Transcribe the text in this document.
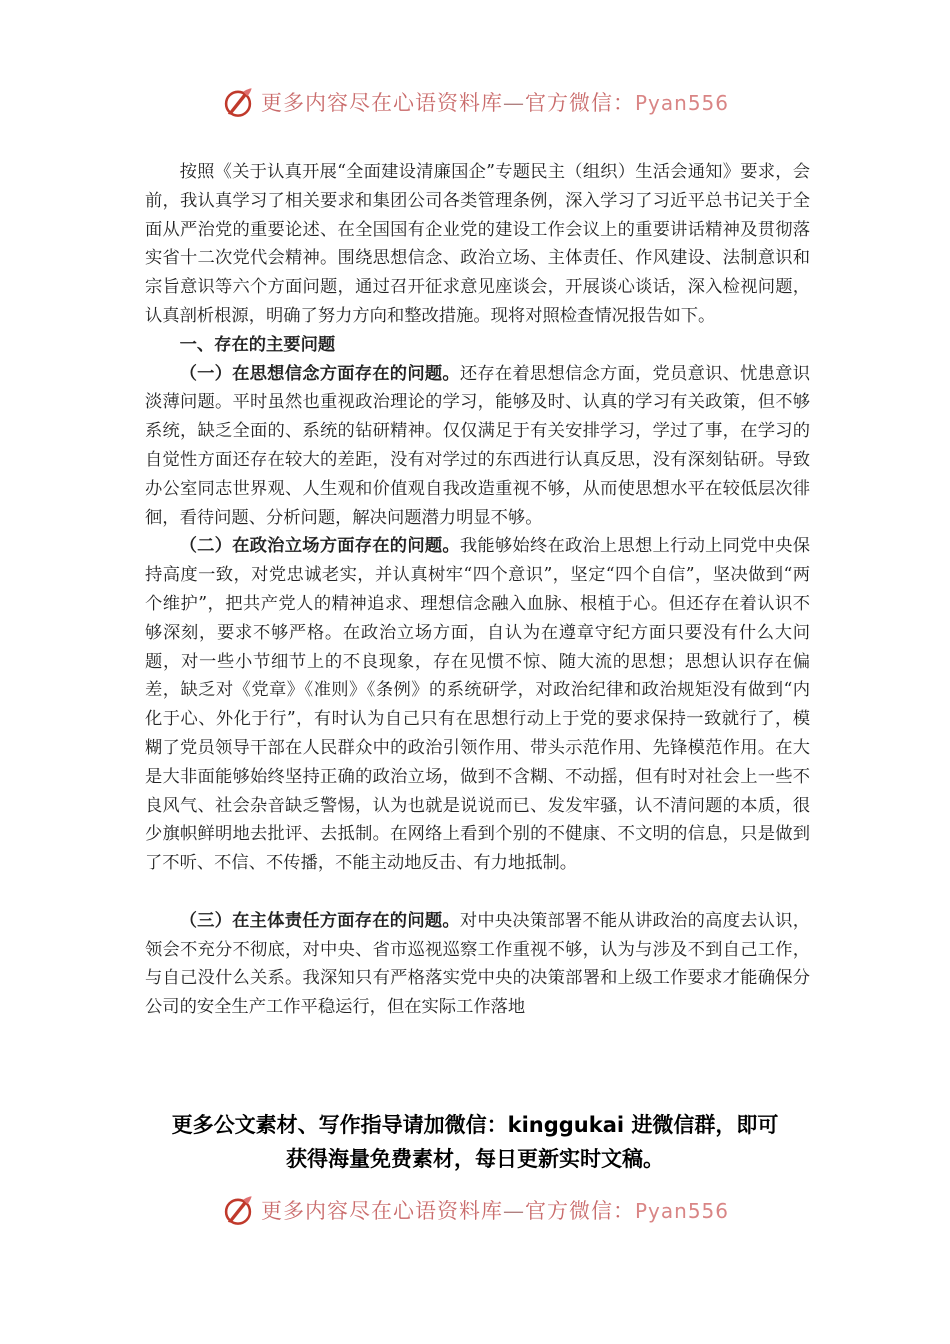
更多内容尽在心语资料库—官方微信：Pyan556

按照《关于认真开展“全面建设清廉国企”专题民主（组织）生活会通知》要求，会前，我认真学习了相关要求和集团公司各类管理条例，深入学习了习近平总书记关于全面从严治党的重要论述、在全国国有企业党的建设工作会议上的重要讲话精神及贯彻落实省十二次党代会精神。围绕思想信念、政治立场、主体责任、作风建设、法制意识和宗旨意识等六个方面问题，通过召开征求意见座谈会，开展谈心谈话，深入检视问题，认真剖析根源，明确了努力方向和整改措施。现将对照检查情况报告如下。

一、存在的主要问题

（一）在思想信念方面存在的问题。还存在着思想信念方面，党员意识、忧患意识淡薄问题。平时虽然也重视政治理论的学习，能够及时、认真的学习有关政策，但不够系统，缺乏全面的、系统的钻研精神。仅仅满足于有关安排学习，学过了事，在学习的自觉性方面还存在较大的差距，没有对学过的东西进行认真反思，没有深刻钻研。导致办公室同志世界观、人生观和价值观自我改造重视不够，从而使思想水平在较低层次徘徊，看待问题、分析问题，解决问题潜力明显不够。

（二）在政治立场方面存在的问题。我能够始终在政治上思想上行动上同党中央保持高度一致，对党忠诚老实，并认真树牢“四个意识”，坚定“四个自信”，坚决做到“两个维护”，把共产党人的精神追求、理想信念融入血脉、根植于心。但还存在着认识不够深刻，要求不够严格。在政治立场方面，自认为在遵章守纪方面只要没有什么大问题，对一些小节细节上的不良现象，存在见惯不惊、随大流的思想；思想认识存在偏差，缺乏对《党章》《准则》《条例》的系统研学，对政治纪律和政治规矩没有做到“内化于心、外化于行”，有时认为自己只有在思想行动上于党的要求保持一致就行了，模糊了党员领导干部在人民群众中的政治引领作用、带头示范作用、先锋模范作用。在大是大非面能够始终坚持正确的政治立场，做到不含糊、不动摇，但有时对社会上一些不良风气、社会杂音缺乏警惕，认为也就是说说而已、发发牢骚，认不清问题的本质，很少旗帜鲜明地去批评、去抵制。在网络上看到个别的不健康、不文明的信息，只是做到了不听、不信、不传播，不能主动地反击、有力地抵制。

（三）在主体责任方面存在的问题。对中央决策部署不能从讲政治的高度去认识，领会不充分不彻底，对中央、省市巡视巡察工作重视不够，认为与涉及不到自己工作，与自己没什么关系。我深知只有严格落实党中央的决策部署和上级工作要求才能确保分公司的安全生产工作平稳运行，但在实际工作落地

更多公文素材、写作指导请加微信：kinggukai 进微信群，即可
获得海量免费素材，每日更新实时文稿。
更多内容尽在心语资料库—官方微信：Pyan556
